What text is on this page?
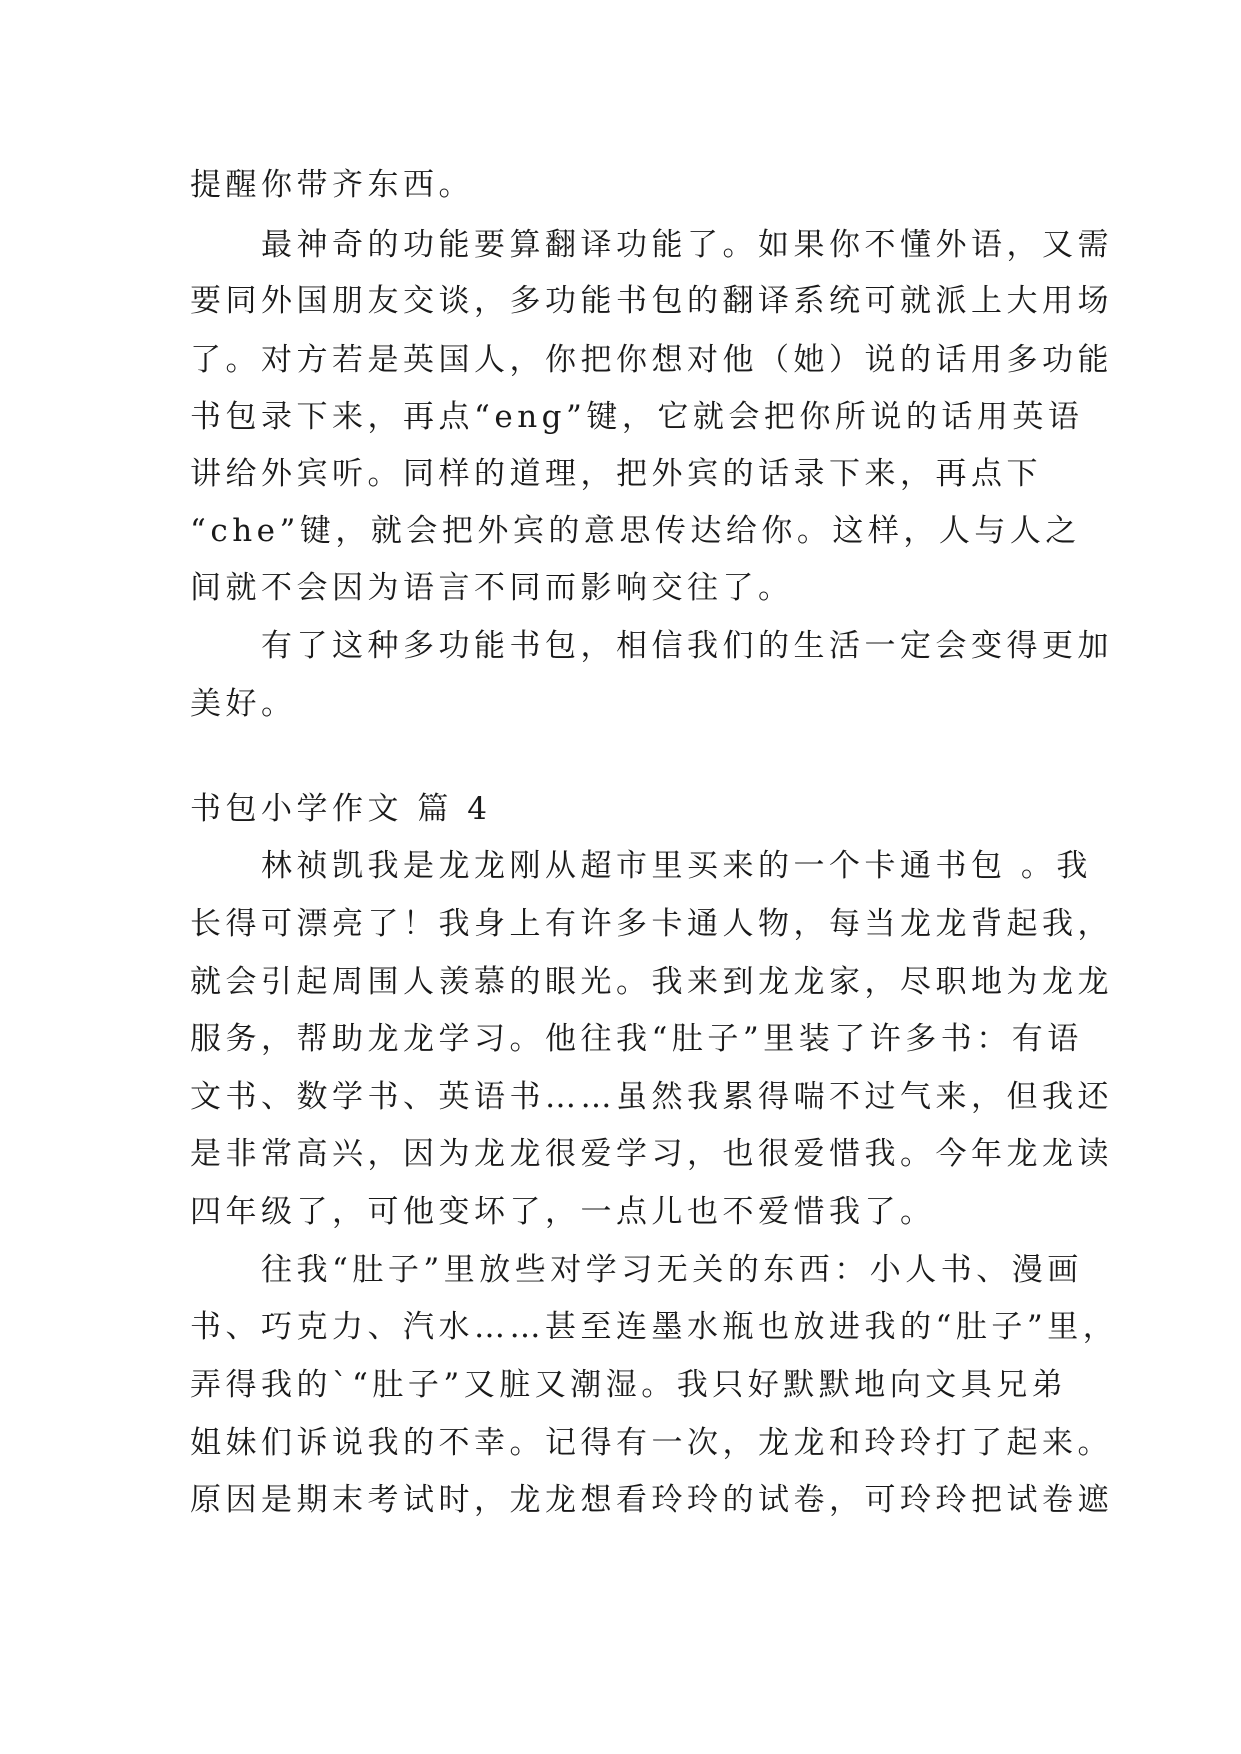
提醒你带齐东西。
　　最神奇的功能要算翻译功能了。如果你不懂外语，又需
要同外国朋友交谈，多功能书包的翻译系统可就派上大用场
了。对方若是英国人，你把你想对他（她）说的话用多功能
书包录下来，再点“eng”键，它就会把你所说的话用英语
讲给外宾听。同样的道理，把外宾的话录下来，再点下
“che”键，就会把外宾的意思传达给你。这样，人与人之
间就不会因为语言不同而影响交往了。
　　有了这种多功能书包，相信我们的生活一定会变得更加
美好。
书包小学作文 篇 4
　　林祯凯我是龙龙刚从超市里买来的一个卡通书包 。我
长得可漂亮了！我身上有许多卡通人物，每当龙龙背起我，
就会引起周围人羡慕的眼光。我来到龙龙家，尽职地为龙龙
服务，帮助龙龙学习。他往我“肚子”里装了许多书：有语
文书、数学书、英语书……虽然我累得喘不过气来，但我还
是非常高兴，因为龙龙很爱学习，也很爱惜我。今年龙龙读
四年级了，可他变坏了，一点儿也不爱惜我了。
　　往我“肚子”里放些对学习无关的东西：小人书、漫画
书、巧克力、汽水……甚至连墨水瓶也放进我的“肚子”里，
弄得我的`“肚子”又脏又潮湿。我只好默默地向文具兄弟
姐妹们诉说我的不幸。记得有一次，龙龙和玲玲打了起来。
原因是期末考试时，龙龙想看玲玲的试卷，可玲玲把试卷遮
